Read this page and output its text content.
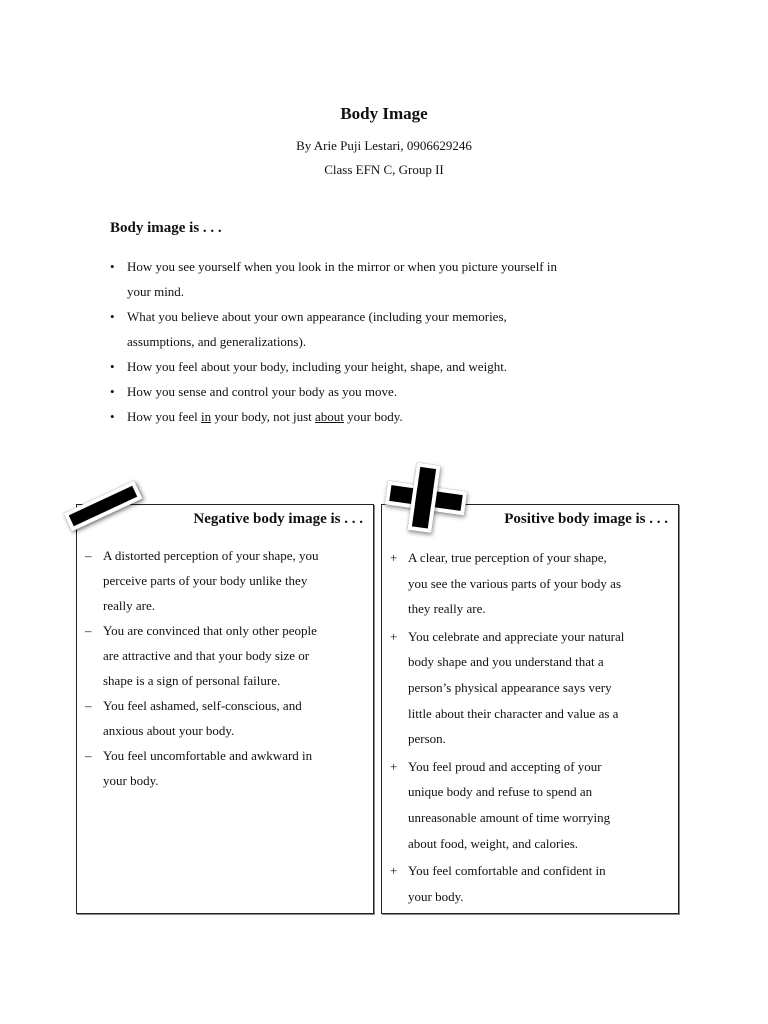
Body Image
By Arie Puji Lestari, 0906629246
Class EFN C, Group II
Body image is . . .
• How you see yourself when you look in the mirror or when you picture yourself in
your mind.
• What you believe about your own appearance (including your memories,
assumptions, and generalizations).
• How you feel about your body, including your height, shape, and weight.
• How you sense and control your body as you move.
• How you feel in your body, not just about your body.
Negative body image is . . .
– A distorted perception of your shape, you
perceive parts of your body unlike they
really are.
– You are convinced that only other people
are attractive and that your body size or
shape is a sign of personal failure.
– You feel ashamed, self-conscious, and
anxious about your body.
– You feel uncomfortable and awkward in
your body.
Positive body image is . . .
+ A clear, true perception of your shape,
you see the various parts of your body as
they really are.
+ You celebrate and appreciate your natural
body shape and you understand that a
person’s physical appearance says very
little about their character and value as a
person.
+ You feel proud and accepting of your
unique body and refuse to spend an
unreasonable amount of time worrying
about food, weight, and calories.
+ You feel comfortable and confident in
your body.
